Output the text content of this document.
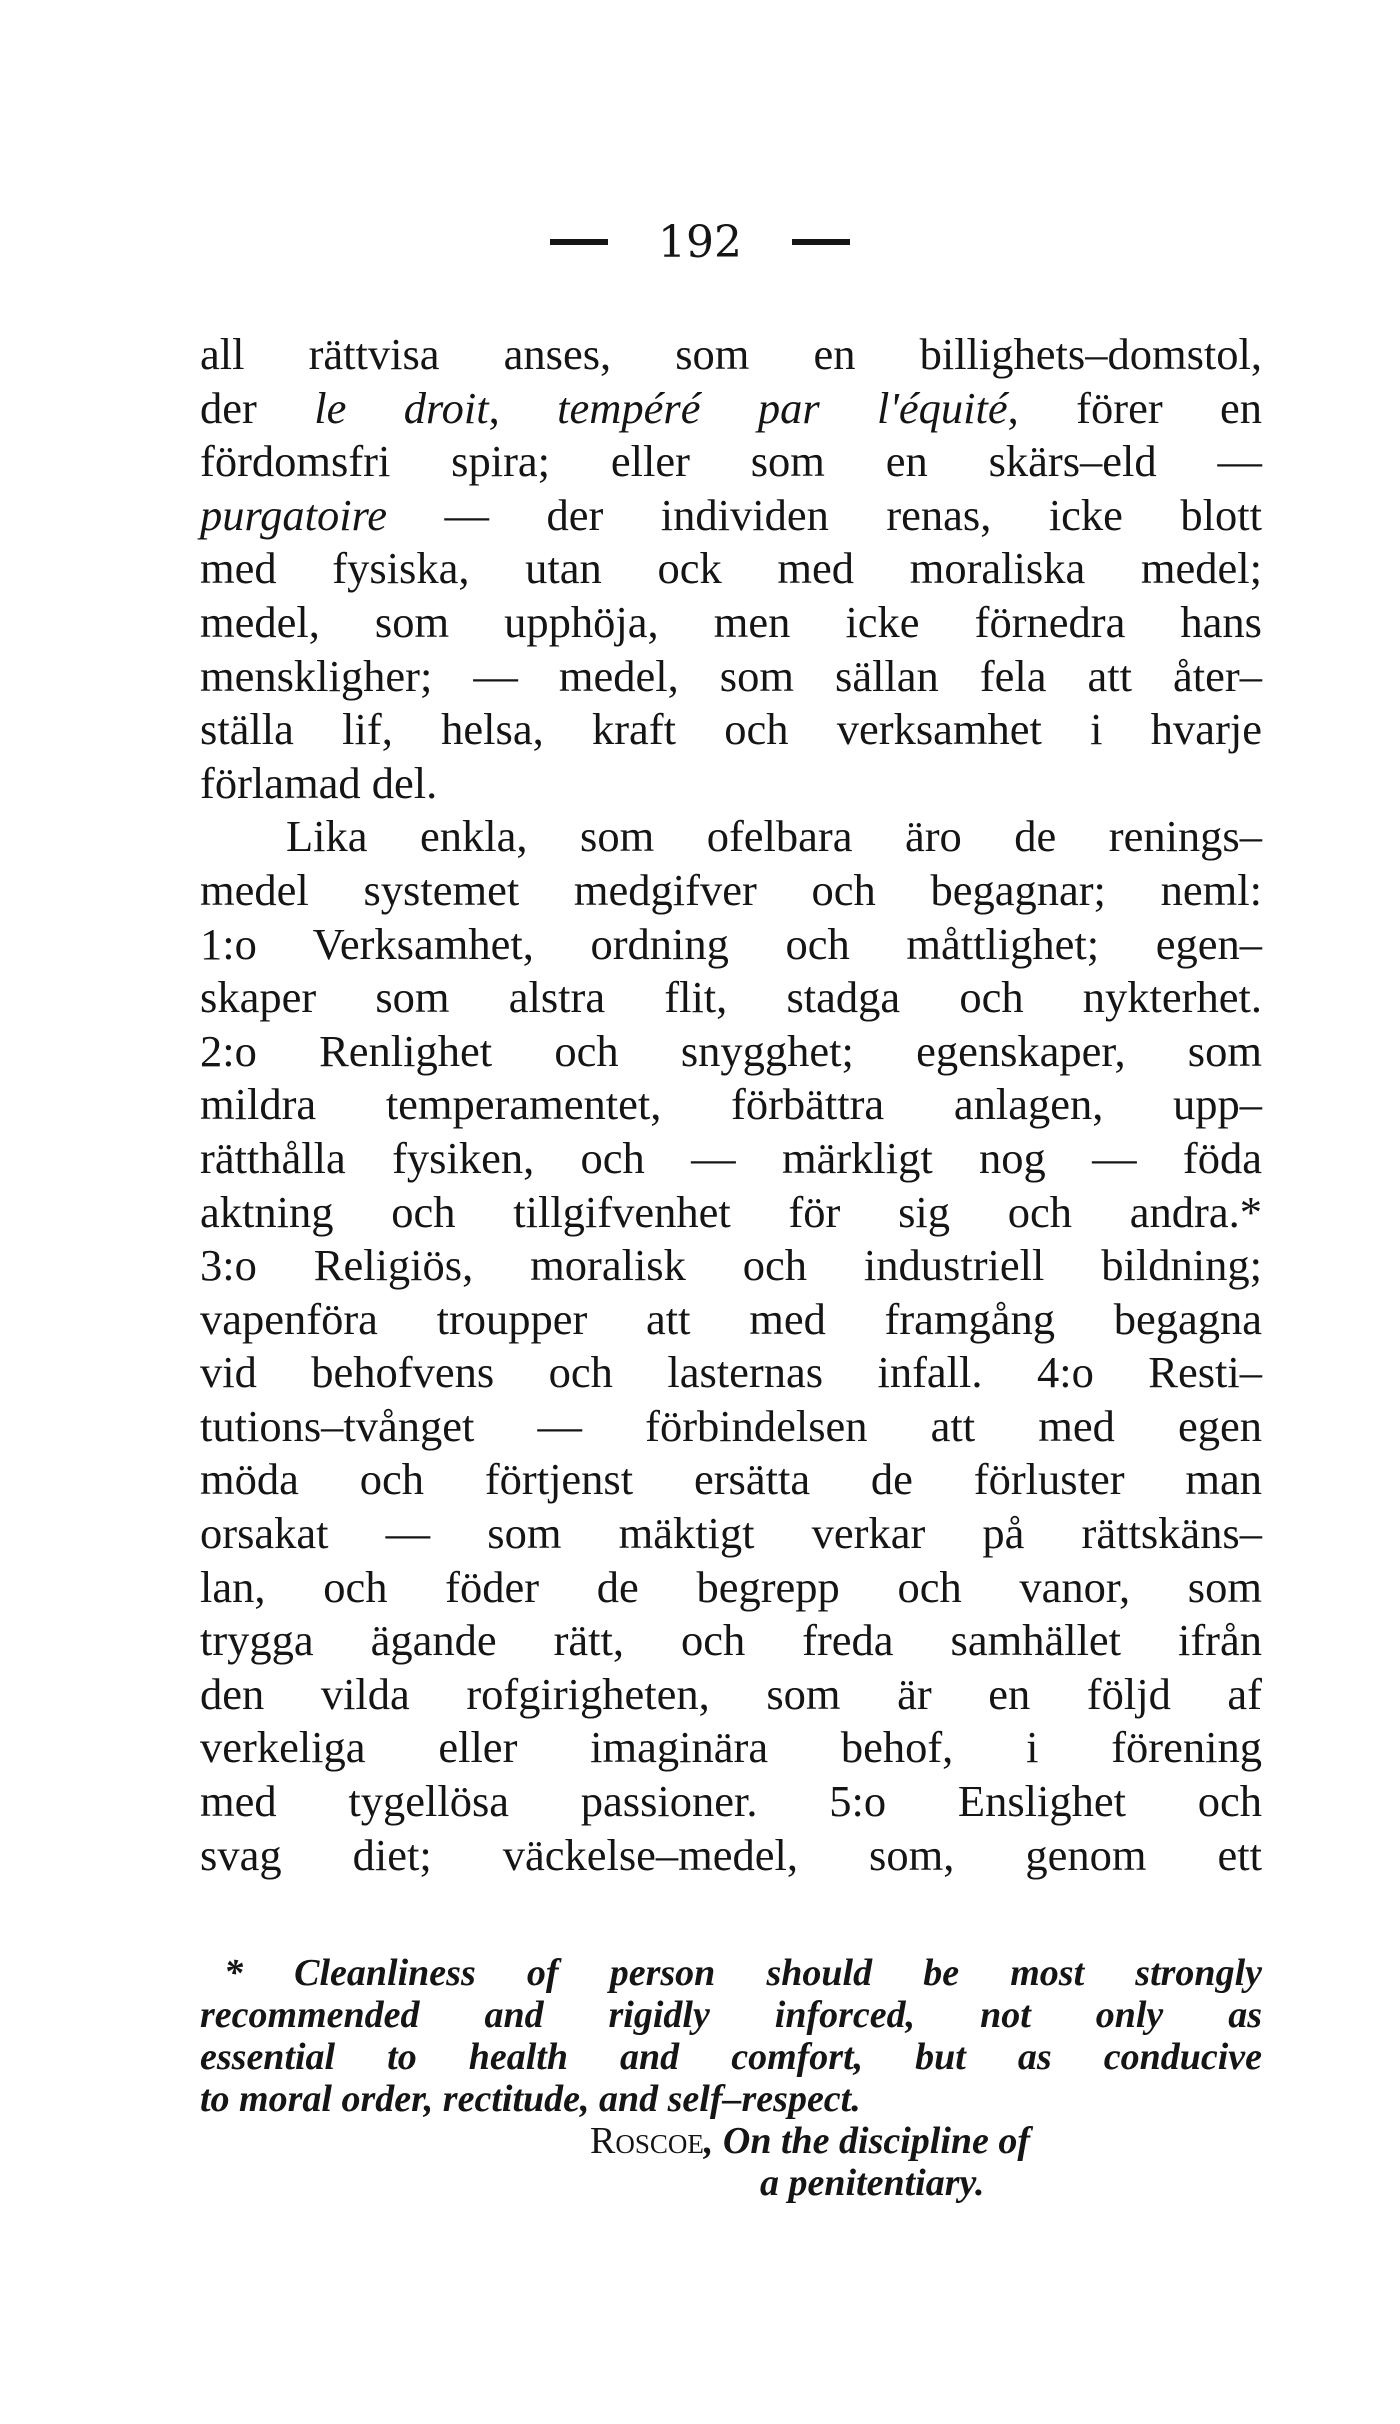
192
all rättvisa anses, som en billighets–domstol,
der le droit, tempéré par l'équité, förer en
fördomsfri spira; eller som en skärs–eld —
purgatoire — der individen renas, icke blott
med fysiska, utan ock med moraliska medel;
medel, som upphöja, men icke förnedra hans
menskligher; — medel, som sällan fela att åter–
ställa lif, helsa, kraft och verksamhet i hvarje
förlamad del.
Lika enkla, som ofelbara äro de renings–
medel systemet medgifver och begagnar; neml:
1:o Verksamhet, ordning och måttlighet; egen–
skaper som alstra flit, stadga och nykterhet.
2:o Renlighet och snygghet; egenskaper, som
mildra temperamentet, förbättra anlagen, upp–
rätthålla fysiken, och — märkligt nog — föda
aktning och tillgifvenhet för sig och andra.*
3:o Religiös, moralisk och industriell bildning;
vapenföra troupper att med framgång begagna
vid behofvens och lasternas infall. 4:o Resti–
tutions–tvånget — förbindelsen att med egen
möda och förtjenst ersätta de förluster man
orsakat — som mäktigt verkar på rättskäns–
lan, och föder de begrepp och vanor, som
trygga ägande rätt, och freda samhället ifrån
den vilda rofgirigheten, som är en följd af
verkeliga eller imaginära behof, i förening
med tygellösa passioner. 5:o Enslighet och
svag diet; väckelse–medel, som, genom ett
* Cleanliness of person should be most strongly
recommended and rigidly inforced, not only as
essential to health and comfort, but as conducive
to moral order, rectitude, and self–respect.
Roscoe, On the discipline of
a penitentiary.
